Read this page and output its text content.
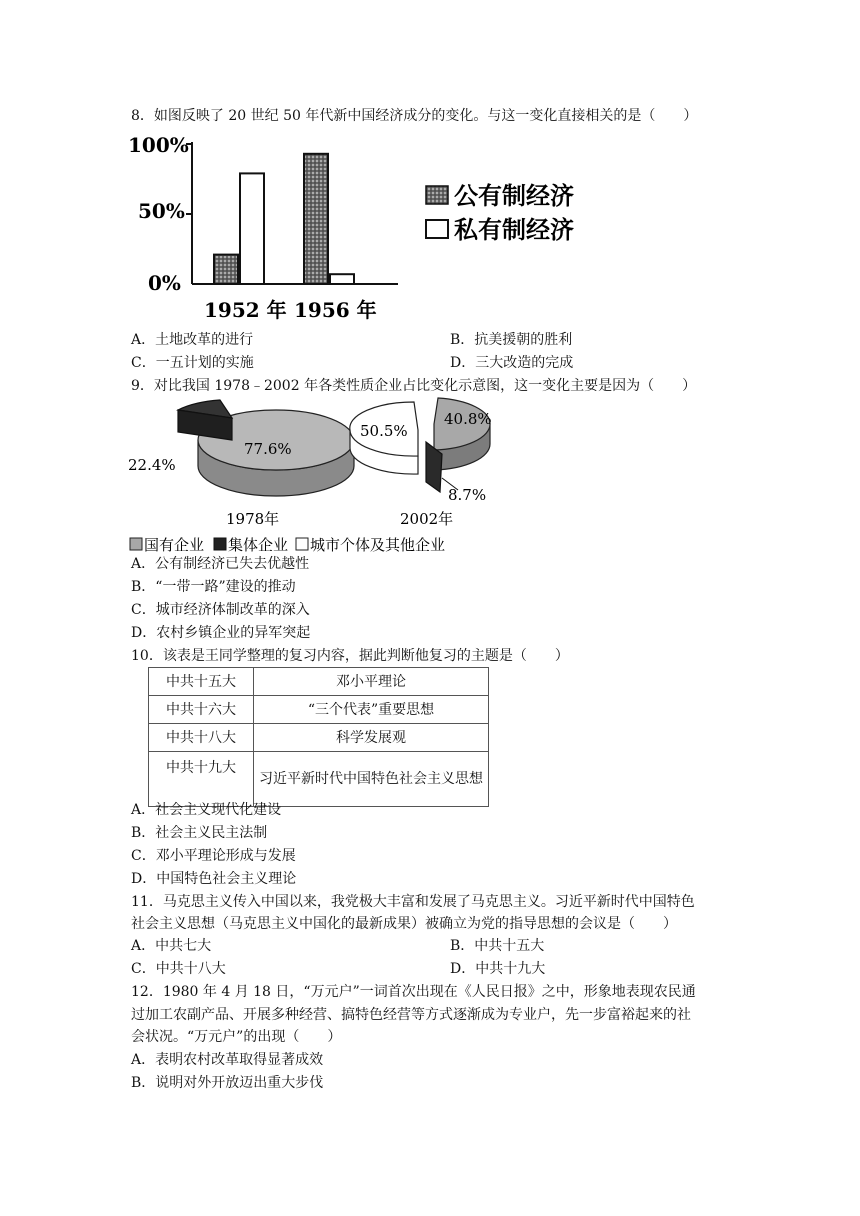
8．如图反映了 20 世纪 50 年代新中国经济成分的变化。与这一变化直接相关的是（　　）
100%
50%
0%
1952 年 1956 年
公有制经济
私有制经济
A．土地改革的进行	B．抗美援朝的胜利
C．一五计划的实施	D．三大改造的完成
9．对比我国 1978﹣2002 年各类性质企业占比变化示意图，这一变化主要是因为（　　）
77.6%
22.4%
1978年
50.5%
40.8%
8.7%
2002年
国有企业 集体企业 城市个体及其他企业
A．公有制经济已失去优越性
B．“一带一路”建设的推动
C．城市经济体制改革的深入
D．农村乡镇企业的异军突起
10．该表是王同学整理的复习内容，据此判断他复习的主题是（　　）
中共十五大	邓小平理论
中共十六大	“三个代表”重要思想
中共十八大	科学发展观
中共十九大	习近平新时代中国特色社会主义思想
A．社会主义现代化建设
B．社会主义民主法制
C．邓小平理论形成与发展
D．中国特色社会主义理论
11．马克思主义传入中国以来，我党极大丰富和发展了马克思主义。习近平新时代中国特色
社会主义思想（马克思主义中国化的最新成果）被确立为党的指导思想的会议是（　　）
A．中共七大	B．中共十五大
C．中共十八大	D．中共十九大
12．1980 年 4 月 18 日，“万元户”一词首次出现在《人民日报》之中，形象地表现农民通
过加工农副产品、开展多种经营、搞特色经营等方式逐渐成为专业户，先一步富裕起来的社
会状况。“万元户”的出现（　　）
A．表明农村改革取得显著成效
B．说明对外开放迈出重大步伐
